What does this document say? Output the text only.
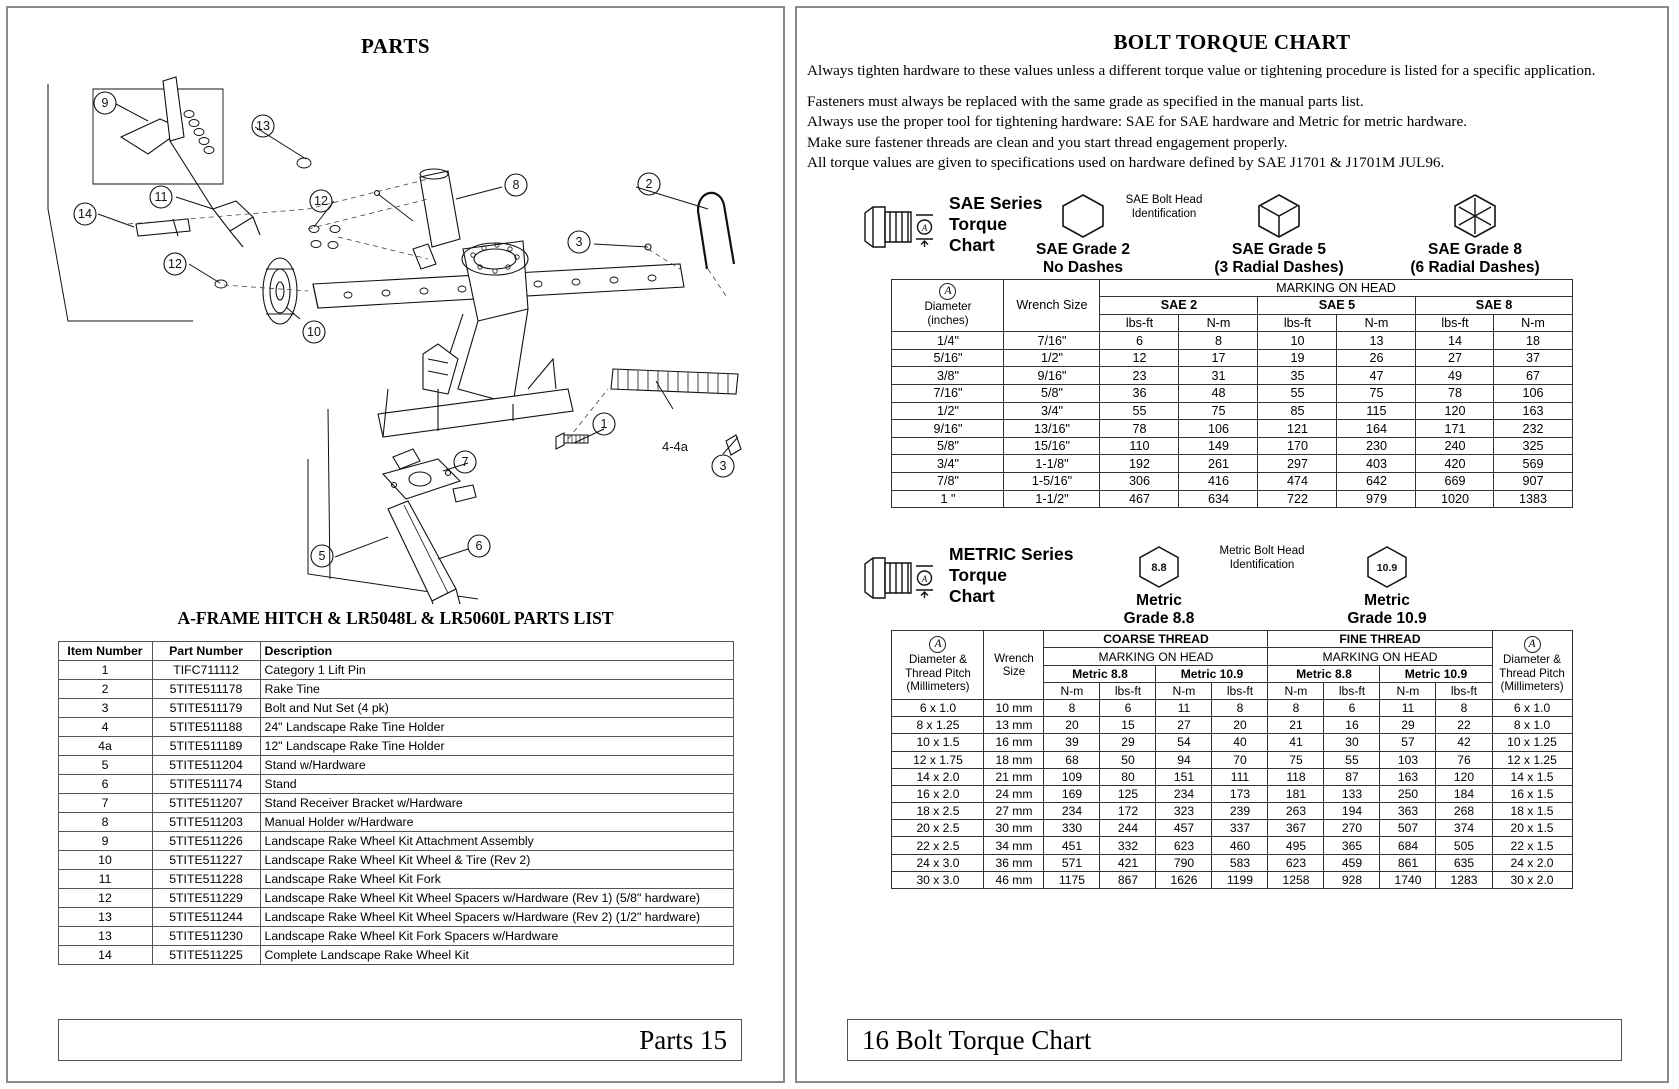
PARTS
9
13
11
14
12
12
10
8	2
3
3
1
7
6
5
4-4a
A-FRAME HITCH & LR5048L & LR5060L PARTS LIST
Item Number	Part Number	Description
1	TIFC711112	Category 1 Lift Pin
2	5TITE511178	Rake Tine
3	5TITE511179	Bolt and Nut Set (4 pk)
4	5TITE511188	24" Landscape Rake Tine Holder
4a	5TITE511189	12" Landscape Rake Tine Holder
5	5TITE511204	Stand w/Hardware
6	5TITE511174	Stand
7	5TITE511207	Stand Receiver Bracket w/Hardware
8	5TITE511203	Manual Holder w/Hardware
9	5TITE511226	Landscape Rake Wheel Kit Attachment Assembly
10	5TITE511227	Landscape Rake Wheel Kit Wheel & Tire (Rev 2)
11	5TITE511228	Landscape Rake Wheel Kit Fork
12	5TITE511229	Landscape Rake Wheel Kit Wheel Spacers w/Hardware (Rev 1) (5/8" hardware)
13	5TITE511244	Landscape Rake Wheel Kit Wheel Spacers w/Hardware (Rev 2) (1/2" hardware)
13	5TITE511230	Landscape Rake Wheel Kit Fork Spacers w/Hardware
14	5TITE511225	Complete Landscape Rake Wheel Kit
Parts 15
BOLT TORQUE CHART
Always tighten hardware to these values unless a different torque value or tightening procedure is listed for a specific application.
Fasteners must always be replaced with the same grade as specified in the manual parts list.
Always use the proper tool for tightening hardware: SAE for SAE hardware and Metric for metric hardware.
Make sure fastener threads are clean and you start thread engagement properly.
All torque values are given to specifications used on hardware defined by SAE J1701 & J1701M JUL96.
A
SAE Series
Torque
Chart
SAE Bolt Head
Identification
SAE Grade 2
No Dashes
SAE Grade 5
(3 Radial Dashes)
SAE Grade 8
(6 Radial Dashes)
A
Diameter
(inches)	Wrench Size	MARKING ON HEAD					
		SAE 2		SAE 5		SAE 8	
		lbs-ft	N-m	lbs-ft	N-m	lbs-ft	N-m
1/4"	7/16"	6	8	10	13	14	18
5/16"	1/2"	12	17	19	26	27	37
3/8"	9/16"	23	31	35	47	49	67
7/16"	5/8"	36	48	55	75	78	106
1/2"	3/4"	55	75	85	115	120	163
9/16"	13/16"	78	106	121	164	171	232
5/8"	15/16"	110	149	170	230	240	325
3/4"	1-1/8"	192	261	297	403	420	569
7/8"	1-5/16"	306	416	474	642	669	907
1 "	1-1/2"	467	634	722	979	1020	1383
A
METRIC Series
Torque
Chart
Metric Bolt Head
Identification
8.8
Metric
Grade 8.8
10.9
Metric
Grade 10.9
A
Diameter &
Thread Pitch
(Millimeters)	Wrench
Size	COARSE THREAD				FINE THREAD				A
Diameter &
Thread Pitch
(Millimeters)

		MARKING ON HEAD				MARKING ON HEAD				
		Metric 8.8		Metric 10.9		Metric 8.8		Metric 10.9		
		N-m	lbs-ft	N-m	lbs-ft	N-m	lbs-ft	N-m	lbs-ft	
6 x 1.0	10 mm	8	6	11	8	8	6	11	8	6 x 1.0
8 x 1.25	13 mm	20	15	27	20	21	16	29	22	8 x 1.0
10 x 1.5	16 mm	39	29	54	40	41	30	57	42	10 x 1.25
12 x 1.75	18 mm	68	50	94	70	75	55	103	76	12 x 1.25
14 x 2.0	21 mm	109	80	151	111	118	87	163	120	14 x 1.5
16 x 2.0	24 mm	169	125	234	173	181	133	250	184	16 x 1.5
18 x 2.5	27 mm	234	172	323	239	263	194	363	268	18 x 1.5
20 x 2.5	30 mm	330	244	457	337	367	270	507	374	20 x 1.5
22 x 2.5	34 mm	451	332	623	460	495	365	684	505	22 x 1.5
24 x 3.0	36 mm	571	421	790	583	623	459	861	635	24 x 2.0
30 x 3.0	46 mm	1175	867	1626	1199	1258	928	1740	1283	30 x 2.0
16 Bolt Torque Chart
